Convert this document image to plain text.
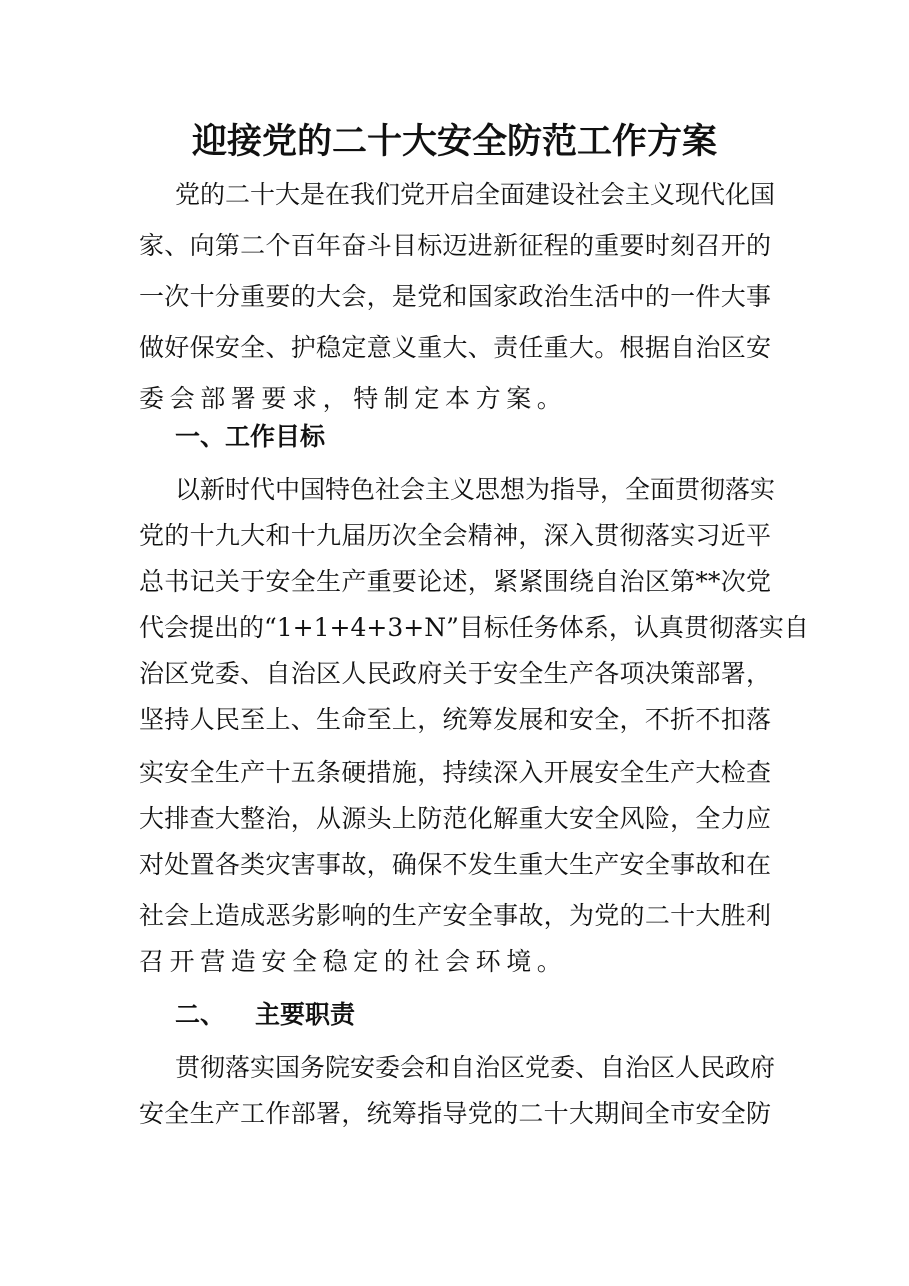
迎接党的二十大安全防范工作方案
党的二十大是在我们党开启全面建设社会主义现代化国
家、向第二个百年奋斗目标迈进新征程的重要时刻召开的
一次十分重要的大会，是党和国家政治生活中的一件大事
做好保安全、护稳定意义重大、责任重大。根据自治区安
委会部署要求，特制定本方案。
一、工作目标
以新时代中国特色社会主义思想为指导，全面贯彻落实
党的十九大和十九届历次全会精神，深入贯彻落实习近平
总书记关于安全生产重要论述，紧紧围绕自治区第**次党
代会提出的“1+1+4+3+N”目标任务体系，认真贯彻落实自
治区党委、自治区人民政府关于安全生产各项决策部署，
坚持人民至上、生命至上，统筹发展和安全，不折不扣落
实安全生产十五条硬措施，持续深入开展安全生产大检查
大排查大整治，从源头上防范化解重大安全风险，全力应
对处置各类灾害事故，确保不发生重大生产安全事故和在
社会上造成恶劣影响的生产安全事故，为党的二十大胜利
召开营造安全稳定的社会环境。
二、 主要职责
贯彻落实国务院安委会和自治区党委、自治区人民政府
安全生产工作部署，统筹指导党的二十大期间全市安全防
